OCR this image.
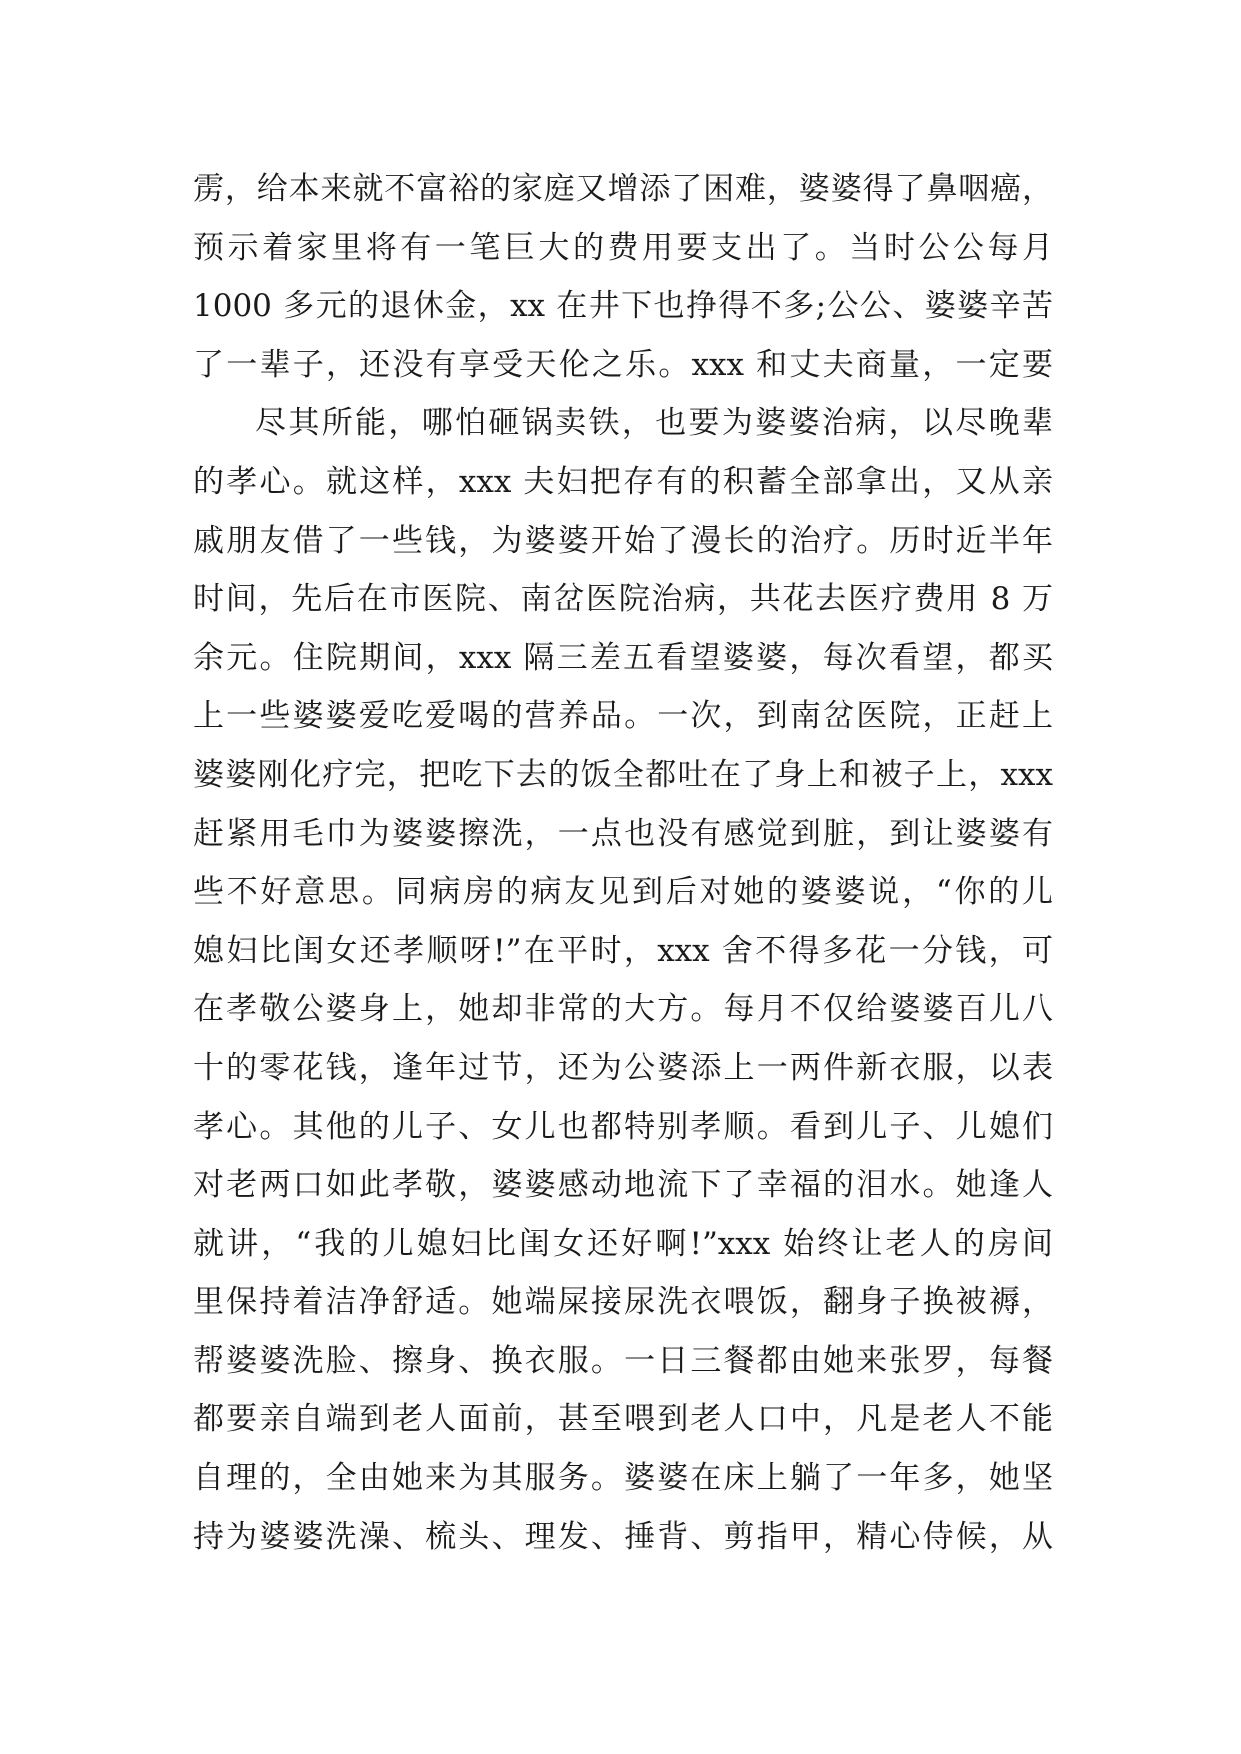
雳，给本来就不富裕的家庭又增添了困难，婆婆得了鼻咽癌，
预示着家里将有一笔巨大的费用要支出了。当时公公每月
1000 多元的退休金，xx 在井下也挣得不多;公公、婆婆辛苦
了一辈子，还没有享受天伦之乐。xxx 和丈夫商量，一定要
尽其所能，哪怕砸锅卖铁，也要为婆婆治病，以尽晚辈
的孝心。就这样，xxx 夫妇把存有的积蓄全部拿出，又从亲
戚朋友借了一些钱，为婆婆开始了漫长的治疗。历时近半年
时间，先后在市医院、南岔医院治病，共花去医疗费用 8 万
余元。住院期间，xxx 隔三差五看望婆婆，每次看望，都买
上一些婆婆爱吃爱喝的营养品。一次，到南岔医院，正赶上
婆婆刚化疗完，把吃下去的饭全都吐在了身上和被子上，xxx
赶紧用毛巾为婆婆擦洗，一点也没有感觉到脏，到让婆婆有
些不好意思。同病房的病友见到后对她的婆婆说，“你的儿
媳妇比闺女还孝顺呀!”在平时，xxx 舍不得多花一分钱，可
在孝敬公婆身上，她却非常的大方。每月不仅给婆婆百儿八
十的零花钱，逢年过节，还为公婆添上一两件新衣服，以表
孝心。其他的儿子、女儿也都特别孝顺。看到儿子、儿媳们
对老两口如此孝敬，婆婆感动地流下了幸福的泪水。她逢人
就讲，“我的儿媳妇比闺女还好啊!”xxx 始终让老人的房间
里保持着洁净舒适。她端屎接尿洗衣喂饭，翻身子换被褥，
帮婆婆洗脸、擦身、换衣服。一日三餐都由她来张罗，每餐
都要亲自端到老人面前，甚至喂到老人口中，凡是老人不能
自理的，全由她来为其服务。婆婆在床上躺了一年多，她坚
持为婆婆洗澡、梳头、理发、捶背、剪指甲，精心侍候，从
